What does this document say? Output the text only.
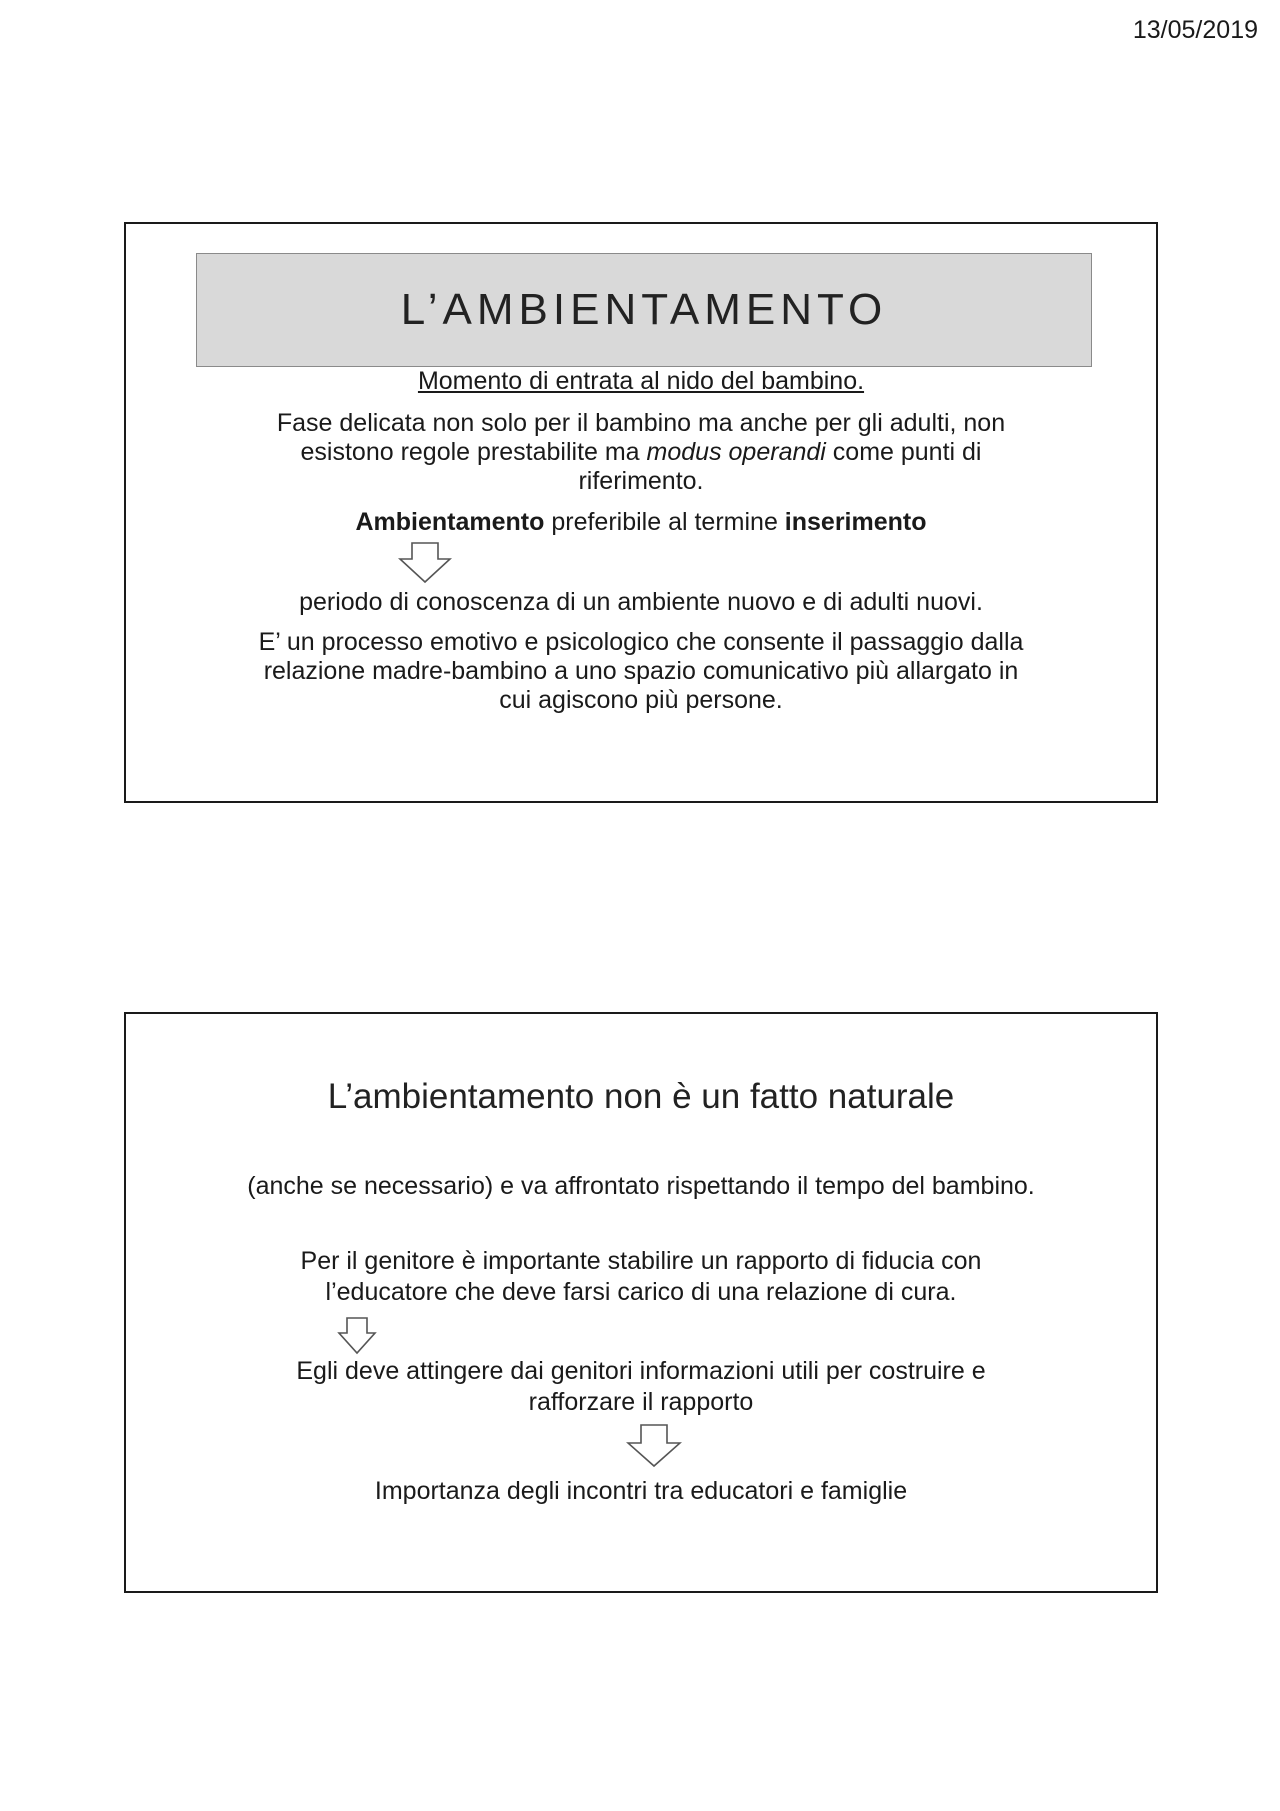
13/05/2019
L’AMBIENTAMENTO
Momento di entrata al nido del bambino.
Fase delicata non solo per il bambino ma anche per gli adulti, non
esistono regole prestabilite ma modus operandi come punti di
riferimento.
Ambientamento preferibile al termine inserimento
periodo di conoscenza di un ambiente nuovo e di adulti nuovi.
E’ un processo emotivo e psicologico che consente il passaggio dalla
relazione madre-bambino a uno spazio comunicativo più allargato in
cui agiscono più persone.
L’ambientamento non è un fatto naturale
(anche se necessario) e va affrontato rispettando il tempo del bambino.
Per il genitore è importante stabilire un rapporto di fiducia con
l’educatore che deve farsi carico di una relazione di cura.
Egli deve attingere dai genitori informazioni utili per costruire e
rafforzare il rapporto
Importanza degli incontri tra educatori e famiglie
